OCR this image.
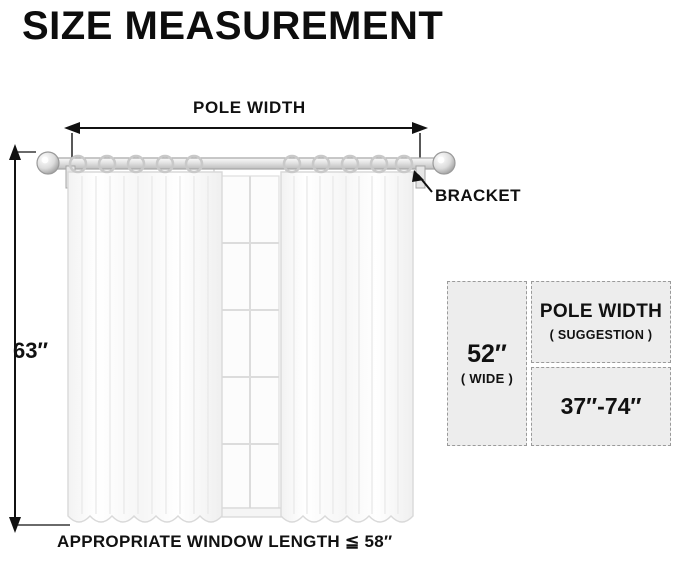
SIZE MEASUREMENT
POLE WIDTH
BRACKET
63″
APPROPRIATE WINDOW LENGTH ≦ 58″
52″
( WIDE )
POLE WIDTH
( SUGGESTION )
37″-74″
